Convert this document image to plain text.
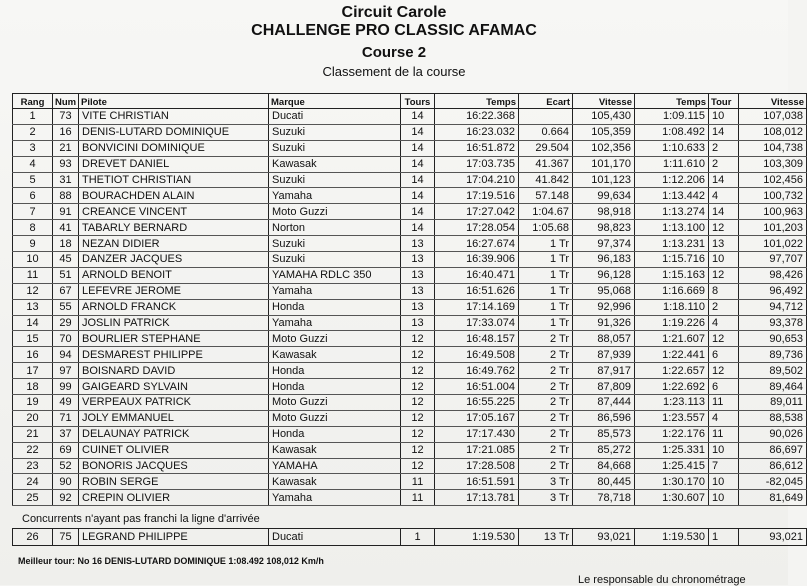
Circuit Carole
CHALLENGE PRO CLASSIC AFAMAC
Course 2
Classement de la course
Rang	Num	Pilote	Marque	Tours	Temps	Ecart	Vitesse	Temps	Tour	Vitesse
1	73	VITE CHRISTIAN	Ducati	14	16:22.368		105,430	1:09.115	10	107,038
2	16	DENIS-LUTARD DOMINIQUE	Suzuki	14	16:23.032	0.664	105,359	1:08.492	14	108,012
3	21	BONVICINI DOMINIQUE	Suzuki	14	16:51.872	29.504	102,356	1:10.633	2	104,738
4	93	DREVET DANIEL	Kawasak	14	17:03.735	41.367	101,170	1:11.610	2	103,309
5	31	THETIOT CHRISTIAN	Suzuki	14	17:04.210	41.842	101,123	1:12.206	14	102,456
6	88	BOURACHDEN ALAIN	Yamaha	14	17:19.516	57.148	99,634	1:13.442	4	100,732
7	91	CREANCE VINCENT	Moto Guzzi	14	17:27.042	1:04.67	98,918	1:13.274	14	100,963
8	41	TABARLY BERNARD	Norton	14	17:28.054	1:05.68	98,823	1:13.100	12	101,203
9	18	NEZAN DIDIER	Suzuki	13	16:27.674	1 Tr	97,374	1:13.231	13	101,022
10	45	DANZER JACQUES	Suzuki	13	16:39.906	1 Tr	96,183	1:15.716	10	97,707
11	51	ARNOLD BENOIT	YAMAHA RDLC 350	13	16:40.471	1 Tr	96,128	1:15.163	12	98,426
12	67	LEFEVRE JEROME	Yamaha	13	16:51.626	1 Tr	95,068	1:16.669	8	96,492
13	55	ARNOLD FRANCK	Honda	13	17:14.169	1 Tr	92,996	1:18.110	2	94,712
14	29	JOSLIN PATRICK	Yamaha	13	17:33.074	1 Tr	91,326	1:19.226	4	93,378
15	70	BOURLIER STEPHANE	Moto Guzzi	12	16:48.157	2 Tr	88,057	1:21.607	12	90,653
16	94	DESMAREST PHILIPPE	Kawasak	12	16:49.508	2 Tr	87,939	1:22.441	6	89,736
17	97	BOISNARD DAVID	Honda	12	16:49.762	2 Tr	87,917	1:22.657	12	89,502
18	99	GAIGEARD SYLVAIN	Honda	12	16:51.004	2 Tr	87,809	1:22.692	6	89,464
19	49	VERPEAUX PATRICK	Moto Guzzi	12	16:55.225	2 Tr	87,444	1:23.113	11	89,011
20	71	JOLY EMMANUEL	Moto Guzzi	12	17:05.167	2 Tr	86,596	1:23.557	4	88,538
21	37	DELAUNAY PATRICK	Honda	12	17:17.430	2 Tr	85,573	1:22.176	11	90,026
22	69	CUINET OLIVIER	Kawasak	12	17:21.085	2 Tr	85,272	1:25.331	10	86,697
23	52	BONORIS JACQUES	YAMAHA	12	17:28.508	2 Tr	84,668	1:25.415	7	86,612
24	90	ROBIN SERGE	Kawasak	11	16:51.591	3 Tr	80,445	1:30.170	10	-82,045
25	92	CREPIN OLIVIER	Yamaha	11	17:13.781	3 Tr	78,718	1:30.607	10	81,649
Concurrents n'ayant pas franchi la ligne d'arrivée
26	75	LEGRAND PHILIPPE	Ducati	1	1:19.530	13 Tr	93,021	1:19.530	1	93,021
Meilleur tour: No 16 DENIS-LUTARD DOMINIQUE 1:08.492 108,012 Km/h
Le responsable du chronométrage
